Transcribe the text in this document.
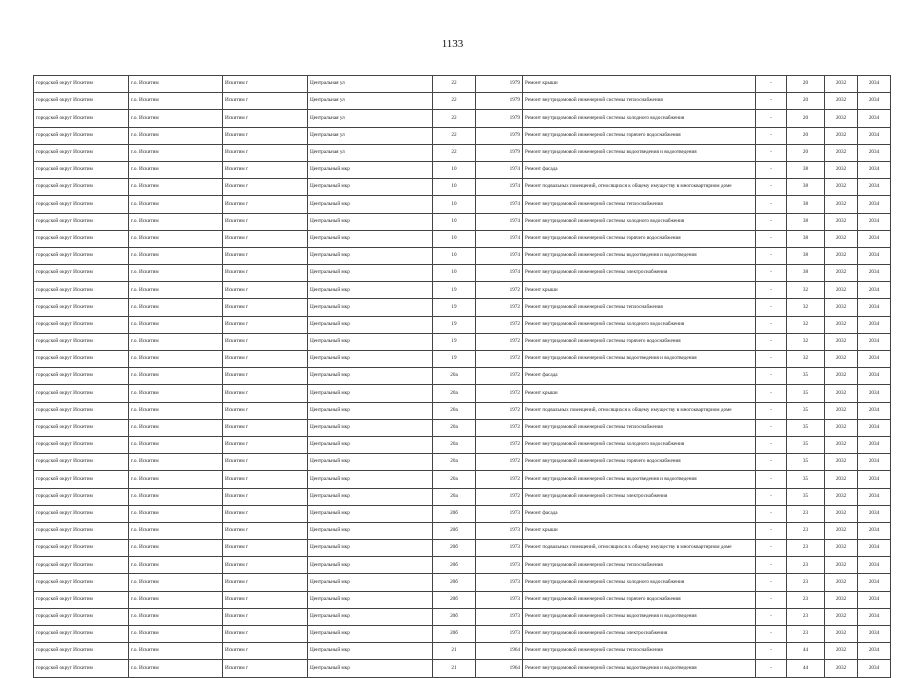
1133
городской округ Искитим	г.о. Искитим	Искитим г	Центральная ул	22	1979	Ремонт крыши	-	20	2032	2034
городской округ Искитим	г.о. Искитим	Искитим г	Центральная ул	22	1979	Ремонт внутридомовой инженерной системы теплоснабжения	-	20	2032	2034
городской округ Искитим	г.о. Искитим	Искитим г	Центральная ул	22	1979	Ремонт внутридомовой инженерной системы холодного водоснабжения	-	20	2032	2034
городской округ Искитим	г.о. Искитим	Искитим г	Центральная ул	22	1979	Ремонт внутридомовой инженерной системы горячего водоснабжения	-	20	2032	2034
городской округ Искитим	г.о. Искитим	Искитим г	Центральная ул	22	1979	Ремонт внутридомовой инженерной системы водоотведения и водоотведения	-	20	2032	2034
городской округ Искитим	г.о. Искитим	Искитим г	Центральный мкр	10	1974	Ремонт фасада	-	38	2032	2034
городской округ Искитим	г.о. Искитим	Искитим г	Центральный мкр	10	1974	Ремонт подвальных помещений, относящихся к общему имуществу в многоквартирном доме	-	38	2032	2034
городской округ Искитим	г.о. Искитим	Искитим г	Центральный мкр	10	1974	Ремонт внутридомовой инженерной системы теплоснабжения	-	38	2032	2034
городской округ Искитим	г.о. Искитим	Искитим г	Центральный мкр	10	1974	Ремонт внутридомовой инженерной системы холодного водоснабжения	-	38	2032	2034
городской округ Искитим	г.о. Искитим	Искитим г	Центральный мкр	10	1974	Ремонт внутридомовой инженерной системы горячего водоснабжения	-	38	2032	2034
городской округ Искитим	г.о. Искитим	Искитим г	Центральный мкр	10	1974	Ремонт внутридомовой инженерной системы водоотведения и водоотведения	-	38	2032	2034
городской округ Искитим	г.о. Искитим	Искитим г	Центральный мкр	10	1974	Ремонт внутридомовой инженерной системы электроснабжения	-	38	2032	2034
городской округ Искитим	г.о. Искитим	Искитим г	Центральный мкр	19	1972	Ремонт крыши	-	32	2032	2034
городской округ Искитим	г.о. Искитим	Искитим г	Центральный мкр	19	1972	Ремонт внутридомовой инженерной системы теплоснабжения	-	32	2032	2034
городской округ Искитим	г.о. Искитим	Искитим г	Центральный мкр	19	1972	Ремонт внутридомовой инженерной системы холодного водоснабжения	-	32	2032	2034
городской округ Искитим	г.о. Искитим	Искитим г	Центральный мкр	19	1972	Ремонт внутридомовой инженерной системы горячего водоснабжения	-	32	2032	2034
городской округ Искитим	г.о. Искитим	Искитим г	Центральный мкр	19	1972	Ремонт внутридомовой инженерной системы водоотведения и водоотведения	-	32	2032	2034
городской округ Искитим	г.о. Искитим	Искитим г	Центральный мкр	20а	1972	Ремонт фасада	-	35	2032	2034
городской округ Искитим	г.о. Искитим	Искитим г	Центральный мкр	20а	1972	Ремонт крыши	-	35	2032	2034
городской округ Искитим	г.о. Искитим	Искитим г	Центральный мкр	20а	1972	Ремонт подвальных помещений, относящихся к общему имуществу в многоквартирном доме	-	35	2032	2034
городской округ Искитим	г.о. Искитим	Искитим г	Центральный мкр	20а	1972	Ремонт внутридомовой инженерной системы теплоснабжения	-	35	2032	2034
городской округ Искитим	г.о. Искитим	Искитим г	Центральный мкр	20а	1972	Ремонт внутридомовой инженерной системы холодного водоснабжения	-	35	2032	2034
городской округ Искитим	г.о. Искитим	Искитим г	Центральный мкр	20а	1972	Ремонт внутридомовой инженерной системы горячего водоснабжения	-	35	2032	2034
городской округ Искитим	г.о. Искитим	Искитим г	Центральный мкр	20а	1972	Ремонт внутридомовой инженерной системы водоотведения и водоотведения	-	35	2032	2034
городской округ Искитим	г.о. Искитим	Искитим г	Центральный мкр	20а	1972	Ремонт внутридомовой инженерной системы электроснабжения	-	35	2032	2034
городской округ Искитим	г.о. Искитим	Искитим г	Центральный мкр	20б	1973	Ремонт фасада	-	23	2032	2034
городской округ Искитим	г.о. Искитим	Искитим г	Центральный мкр	20б	1973	Ремонт крыши	-	23	2032	2034
городской округ Искитим	г.о. Искитим	Искитим г	Центральный мкр	20б	1973	Ремонт подвальных помещений, относящихся к общему имуществу в многоквартирном доме	-	23	2032	2034
городской округ Искитим	г.о. Искитим	Искитим г	Центральный мкр	20б	1973	Ремонт внутридомовой инженерной системы теплоснабжения	-	23	2032	2034
городской округ Искитим	г.о. Искитим	Искитим г	Центральный мкр	20б	1973	Ремонт внутридомовой инженерной системы холодного водоснабжения	-	23	2032	2034
городской округ Искитим	г.о. Искитим	Искитим г	Центральный мкр	20б	1973	Ремонт внутридомовой инженерной системы горячего водоснабжения	-	23	2032	2034
городской округ Искитим	г.о. Искитим	Искитим г	Центральный мкр	20б	1973	Ремонт внутридомовой инженерной системы водоотведения и водоотведения	-	23	2032	2034
городской округ Искитим	г.о. Искитим	Искитим г	Центральный мкр	20б	1973	Ремонт внутридомовой инженерной системы электроснабжения	-	23	2032	2034
городской округ Искитим	г.о. Искитим	Искитим г	Центральный мкр	21	1964	Ремонт внутридомовой инженерной системы теплоснабжения	-	44	2032	2034
городской округ Искитим	г.о. Искитим	Искитим г	Центральный мкр	21	1964	Ремонт внутридомовой инженерной системы водоотведения и водоотведения	-	44	2032	2034
